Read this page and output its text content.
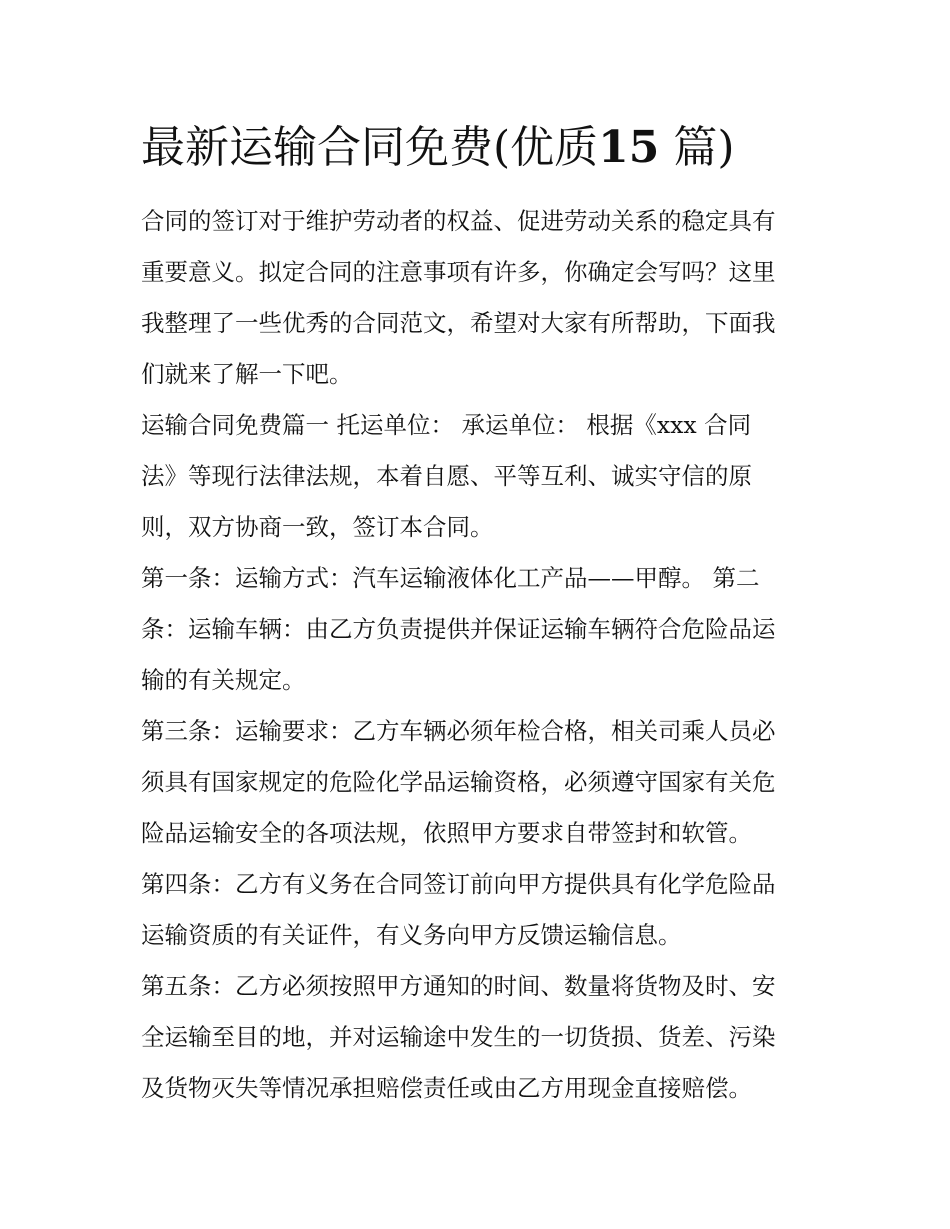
最新运输合同免费(优质15 篇)

合同的签订对于维护劳动者的权益、促进劳动关系的稳定具有
重要意义。拟定合同的注意事项有许多，你确定会写吗？这里
我整理了一些优秀的合同范文，希望对大家有所帮助，下面我
们就来了解一下吧。

运输合同免费篇一 托运单位： 承运单位： 根据《xxx 合同
法》等现行法律法规，本着自愿、平等互利、诚实守信的原
则，双方协商一致，签订本合同。

第一条：运输方式：汽车运输液体化工产品——甲醇。 第二
条：运输车辆：由乙方负责提供并保证运输车辆符合危险品运
输的有关规定。

第三条：运输要求：乙方车辆必须年检合格，相关司乘人员必
须具有国家规定的危险化学品运输资格，必须遵守国家有关危
险品运输安全的各项法规，依照甲方要求自带签封和软管。

第四条：乙方有义务在合同签订前向甲方提供具有化学危险品
运输资质的有关证件，有义务向甲方反馈运输信息。

第五条：乙方必须按照甲方通知的时间、数量将货物及时、安
全运输至目的地，并对运输途中发生的一切货损、货差、污染
及货物灭失等情况承担赔偿责任或由乙方用现金直接赔偿。
